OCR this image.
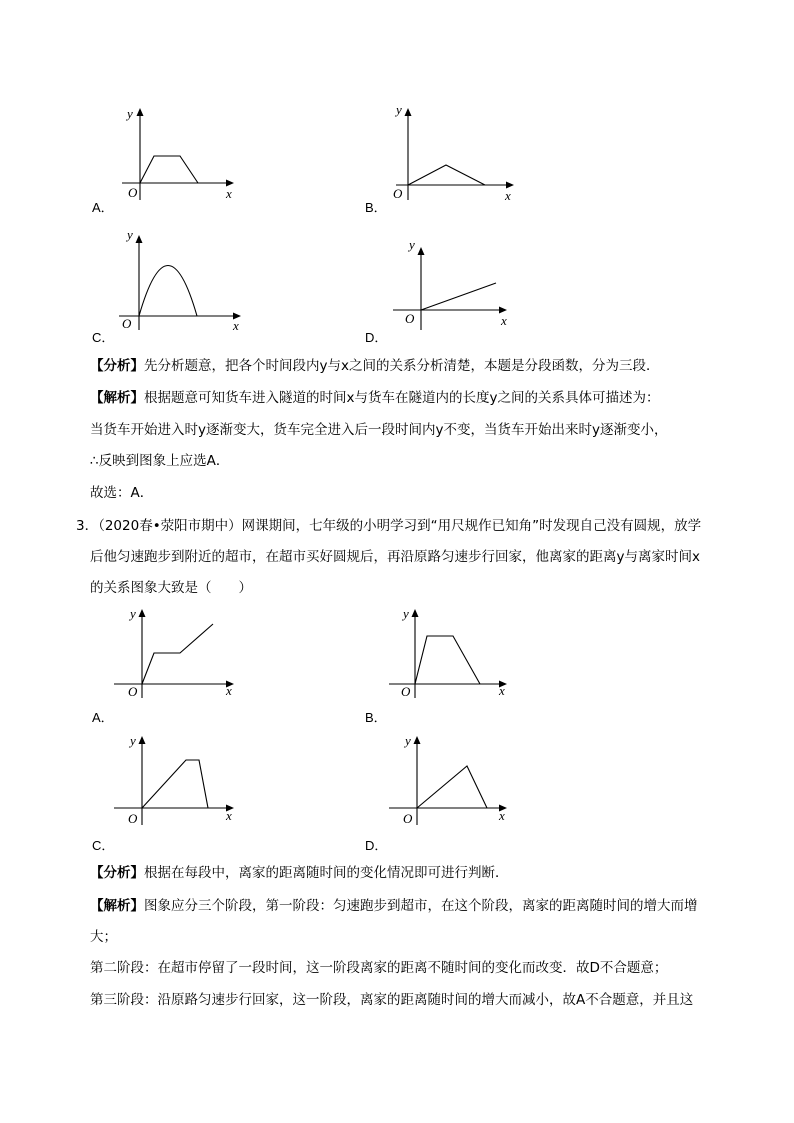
y
x
O
A．
y
x
O
B．
y
x
O
C．
y
x
O
D．
【分析】先分析题意，把各个时间段内y与x之间的关系分析清楚，本题是分段函数，分为三段．
【解析】根据题意可知货车进入隧道的时间x与货车在隧道内的长度y之间的关系具体可描述为：
当货车开始进入时y逐渐变大，货车完全进入后一段时间内y不变，当货车开始出来时y逐渐变小，
∴反映到图象上应选A．
故选：A．
3．（2020春•荥阳市期中）网课期间，七年级的小明学习到“用尺规作已知角”时发现自己没有圆规，放学
后他匀速跑步到附近的超市，在超市买好圆规后，再沿原路匀速步行回家，他离家的距离y与离家时间x
的关系图象大致是（　　）
y
x
O
A．
y
x
O
B．
y
x
O
C．
y
x
O
D．
【分析】根据在每段中，离家的距离随时间的变化情况即可进行判断．
【解析】图象应分三个阶段，第一阶段：匀速跑步到超市，在这个阶段，离家的距离随时间的增大而增
大；
第二阶段：在超市停留了一段时间，这一阶段离家的距离不随时间的变化而改变．故D不合题意；
第三阶段：沿原路匀速步行回家，这一阶段，离家的距离随时间的增大而减小，故A不合题意，并且这
